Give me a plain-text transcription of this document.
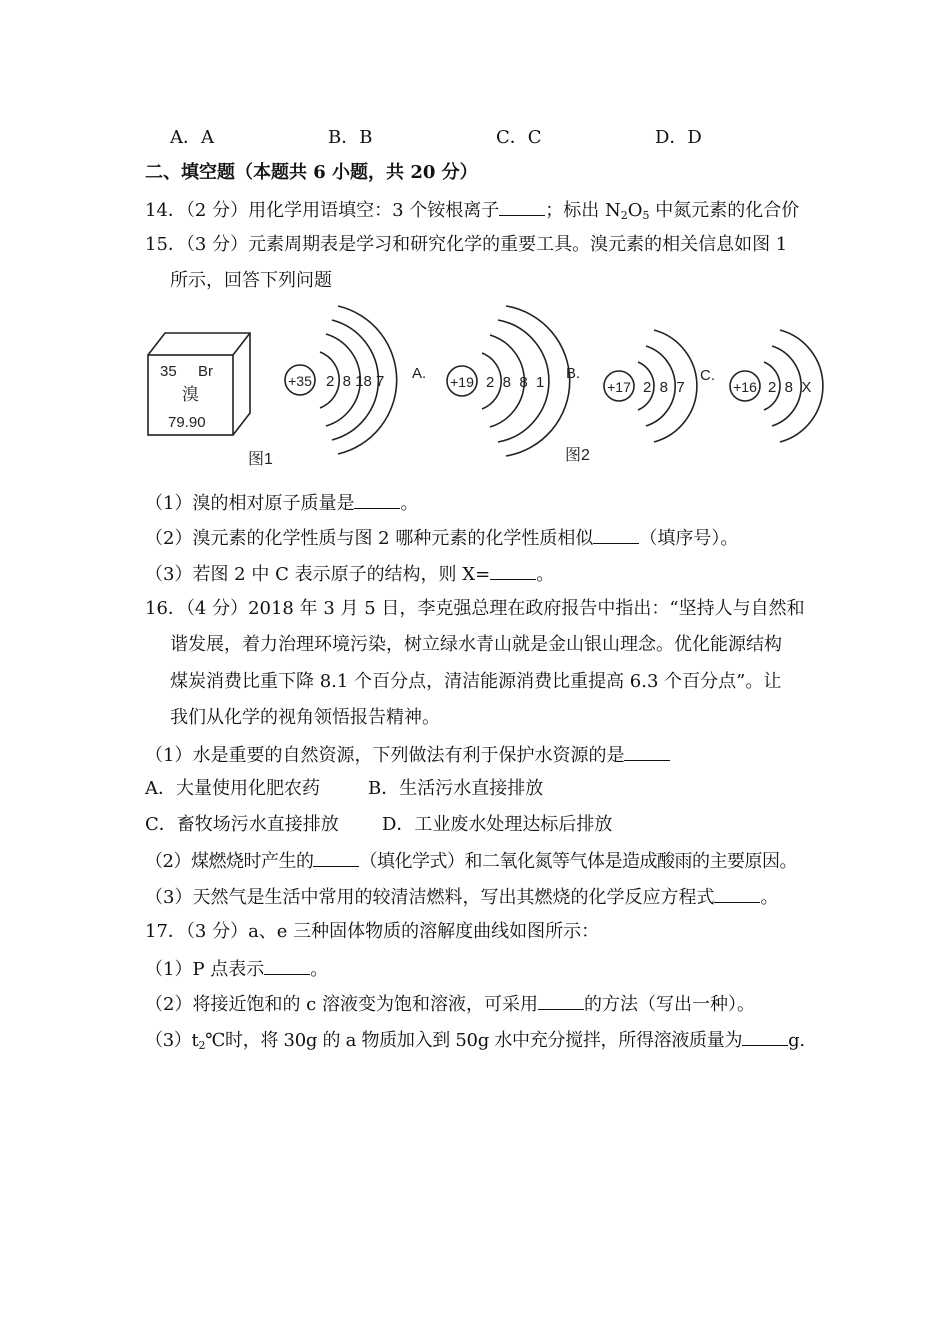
A．A	B．B	C．C	D．D
二、填空题（本题共 6 小题，共 20 分）
14．（2 分）用化学用语填空：3 个铵根离子	；标出 $N_2O_5$ 中氮元素的化合价
15．（3 分）元素周期表是学习和研究化学的重要工具。溴元素的相关信息如图 1
所示，回答下列问题
35 Br
溴
79.90
图1
+35 2  8 18 7 A. +19 2  8  8  1
B.
+17 2  8  7
图2
C.
+16 2  8  X
（1）溴的相对原子质量是	。
（2）溴元素的化学性质与图 2 哪种元素的化学性质相似	（填序号）。
（3）若图 2 中 C 表示原子的结构，则 X=	。
16．（4 分）2018 年 3 月 5 日，李克强总理在政府报告中指出：“坚持人与自然和
谐发展，着力治理环境污染，树立绿水青山就是金山银山理念。优化能源结构
煤炭消费比重下降 8.1 个百分点，清洁能源消费比重提高 6.3 个百分点”。让
我们从化学的视角领悟报告精神。
（1）水是重要的自然资源，下列做法有利于保护水资源的是
A．大量使用化肥农药	B．生活污水直接排放
C．畜牧场污水直接排放 D．工业废水处理达标后排放
（2）煤燃烧时产生的	（填化学式）和二氧化氮等气体是造成酸雨的主要原因。
（3）天然气是生活中常用的较清洁燃料，写出其燃烧的化学反应方程式	。
17．（3 分）a、e 三种固体物质的溶解度曲线如图所示：
（1）P 点表示	。
（2）将接近饱和的 c 溶液变为饱和溶液，可采用	的方法（写出一种）。
$(3)t_2℃$时，将 30g 的 a 物质加入到 50g 水中充分搅拌，所得溶液质量为	g.
